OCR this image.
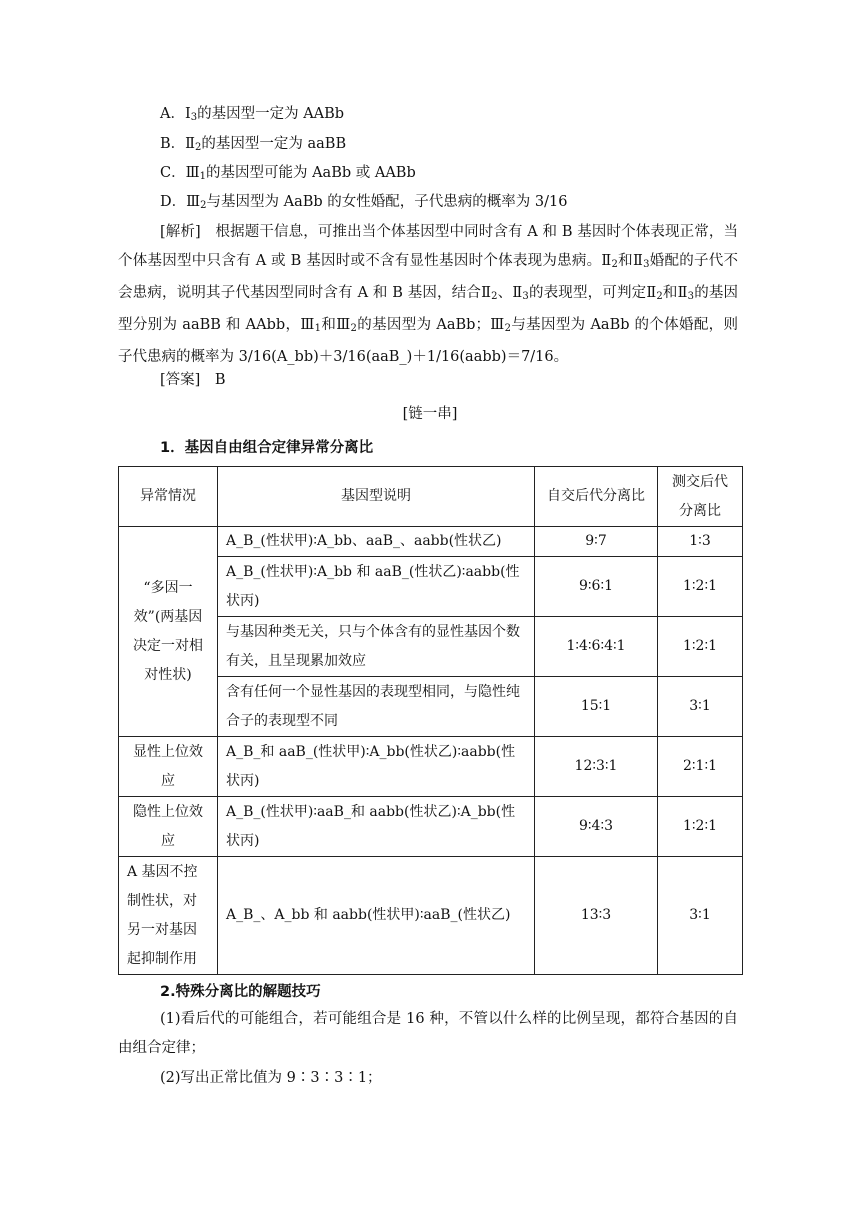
A．$Ⅰ_3$的基因型一定为 AABb
B．$Ⅱ_2$的基因型一定为 aaBB
C．$Ⅲ_1$的基因型可能为 AaBb 或 AABb
D．$Ⅲ_2$与基因型为 AaBb 的女性婚配，子代患病的概率为 3/16
[解析]　 根据题干信息，可推出当个体基因型中同时含有 A 和 B 基因时个体表现正常，当个体基因型中只含有 A 或 B 基因时或不含有显性基因时个体表现为患病。$Ⅱ_2$和$Ⅱ_3$婚配的子代不会患病，说明其子代基因型同时含有 A 和 B 基因，结合$Ⅱ_2$、$Ⅱ_3$的表现型，可判定$Ⅱ_2$和$Ⅱ_3$的基因型分别为 aaBB 和 AAbb，$Ⅲ_1$和$Ⅲ_2$的基因型为 AaBb；$Ⅲ_2$与基因型为 AaBb 的个体婚配，则子代患病的概率为 3/16(A_bb)＋3/16(aaB_)＋1/16(aabb)＝7/16。
[答案]　 B
[链一串]
1．基因自由组合定律异常分离比
异常情况	基因型说明	自交后代分离比	测交后代分离比
“多因一效”(两基因决定一对相对性状)	A_B_(性状甲)∶A_bb、aaB_、aabb(性状乙)	9∶7	1∶3
	A_B_(性状甲)∶A_bb 和 aaB_(性状乙)∶aabb(性状丙)	9∶6∶1	1∶2∶1
	与基因种类无关，只与个体含有的显性基因个数有关，且呈现累加效应	1∶4∶6∶4∶1	1∶2∶1
	含有任何一个显性基因的表现型相同，与隐性纯合子的表现型不同	15∶1	3∶1
显性上位效应	A_B_和 aaB_(性状甲)∶A_bb(性状乙)∶aabb(性状丙)	12∶3∶1	2∶1∶1
隐性上位效应	A_B_(性状甲)∶aaB_和 aabb(性状乙)∶A_bb(性状丙)	9∶4∶3	1∶2∶1
A 基因不控制性状，对另一对基因起抑制作用	A_B_、A_bb 和 aabb(性状甲)∶aaB_(性状乙)	13∶3	3∶1
2.特殊分离比的解题技巧
(1)看后代的可能组合，若可能组合是 16 种，不管以什么样的比例呈现，都符合基因的自由组合定律；
(2)写出正常比值为 9∶3∶3∶1；
